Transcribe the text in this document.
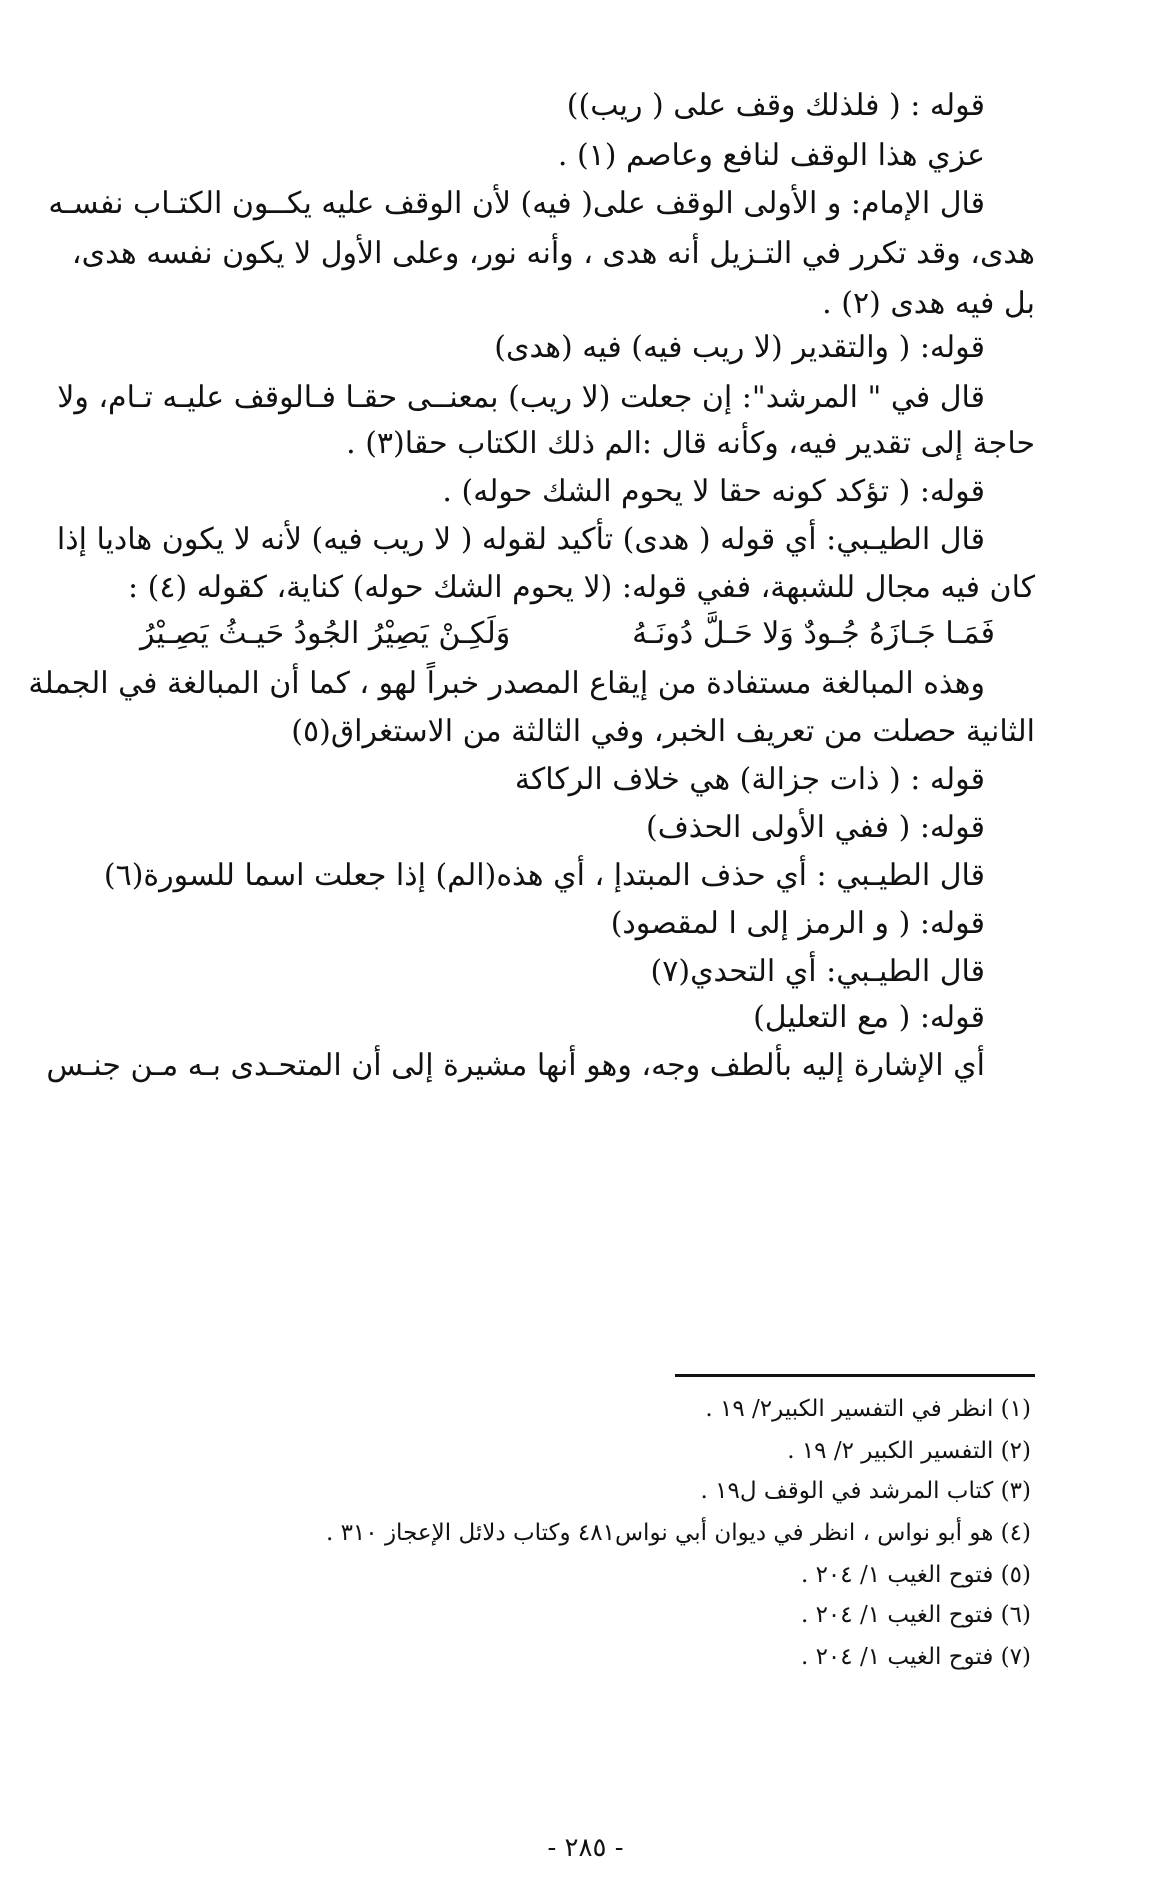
قوله : ( فلذلك وقف على ( ريب))
عزي هذا الوقف لنافع وعاصم (١) .
قال الإمام: و الأولى الوقف على( فيه) لأن الوقف عليه يكــون الكتـاب نفسـه
هدى، وقد تكرر في التـزيل أنه هدى ، وأنه نور، وعلى الأول لا يكون نفسه هدى،
بل فيه هدى (٢) .
قوله: ( والتقدير (لا ريب فيه) فيه (هدى)
قال في " المرشد": إن جعلت (لا ريب) بمعنــى حقـا فـالوقف عليـه تـام، ولا
حاجة إلى تقدير فيه، وكأنه قال :الم ذلك الكتاب حقا(٣) .
قوله: ( تؤكد كونه حقا لا يحوم الشك حوله) .
قال الطيـبي: أي قوله ( هدى) تأكيد لقوله ( لا ريب فيه) لأنه لا يكون هاديا إذا
كان فيه مجال للشبهة، ففي قوله: (لا يحوم الشك حوله) كناية، كقوله (٤) :
فَمَـا جَـازَهُ جُـودٌ وَلا حَـلَّ دُونَـهُ
وَلَكِـنْ يَصِيْرُ الجُودُ حَيـثُ يَصِـيْرُ
وهذه المبالغة مستفادة من إيقاع المصدر خبراً لهو ، كما أن المبالغة في الجملة
الثانية حصلت من تعريف الخبر، وفي الثالثة من الاستغراق(٥)
قوله : ( ذات جزالة) هي خلاف الركاكة
قوله: ( ففي الأولى الحذف)
قال الطيـبي : أي حذف المبتدإ ، أي هذه(الم) إذا جعلت اسما للسورة(٦)
قوله: ( و الرمز إلى ا لمقصود)
قال الطيـبي: أي التحدي(٧)
قوله: ( مع التعليل)
أي الإشارة إليه بألطف وجه، وهو أنها مشيرة إلى أن المتحـدى بـه مـن جنـس
(١) انظر في التفسير الكبير٢/ ١٩ .
(٢) التفسير الكبير ٢/ ١٩ .
(٣) كتاب المرشد في الوقف ل١٩ .
(٤) هو أبو نواس ، انظر في ديوان أبي نواس٤٨١ وكتاب دلائل الإعجاز ٣١٠ .
(٥) فتوح الغيب ١/ ٢٠٤ .
(٦) فتوح الغيب ١/ ٢٠٤ .
(٧) فتوح الغيب ١/ ٢٠٤ .
- ٢٨٥ -
